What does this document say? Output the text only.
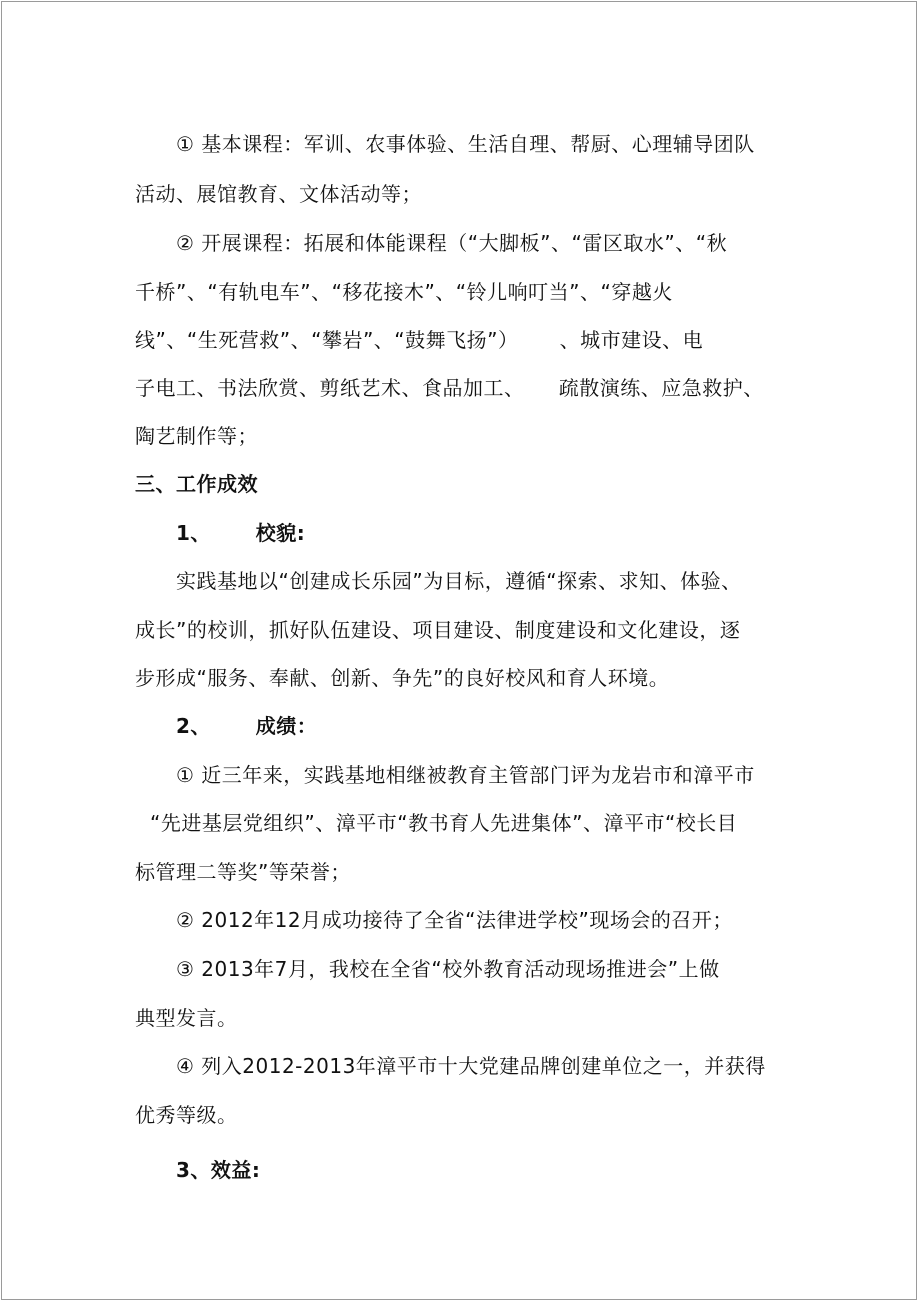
① 基本课程：军训、农事体验、生活自理、帮厨、心理辅导团队
活动、展馆教育、文体活动等；
② 开展课程：拓展和体能课程（“大脚板”、“雷区取水”、“秋
千桥”、“有轨电车”、“移花接木”、“铃儿响叮当”、“穿越火
线”、“生死营救”、“攀岩”、“鼓舞飞扬”）      、城市建设、电
子电工、书法欣赏、剪纸艺术、食品加工、     疏散演练、应急救护、
陶艺制作等；
三、工作成效
1、      校貌:
实践基地以“创建成长乐园”为目标，遵循“探索、求知、体验、
成长”的校训，抓好队伍建设、项目建设、制度建设和文化建设，逐
步形成“服务、奉献、创新、争先”的良好校风和育人环境。
2、      成绩：
① 近三年来，实践基地相继被教育主管部门评为龙岩市和漳平市
“先进基层党组织”、漳平市“教书育人先进集体”、漳平市“校长目
标管理二等奖”等荣誉；
② 2012年12月成功接待了全省“法律进学校”现场会的召开；
③ 2013年7月，我校在全省“校外教育活动现场推进会”上做
典型发言。
④ 列入2012-2013年漳平市十大党建品牌创建单位之一，并获得
优秀等级。
3、效益:
